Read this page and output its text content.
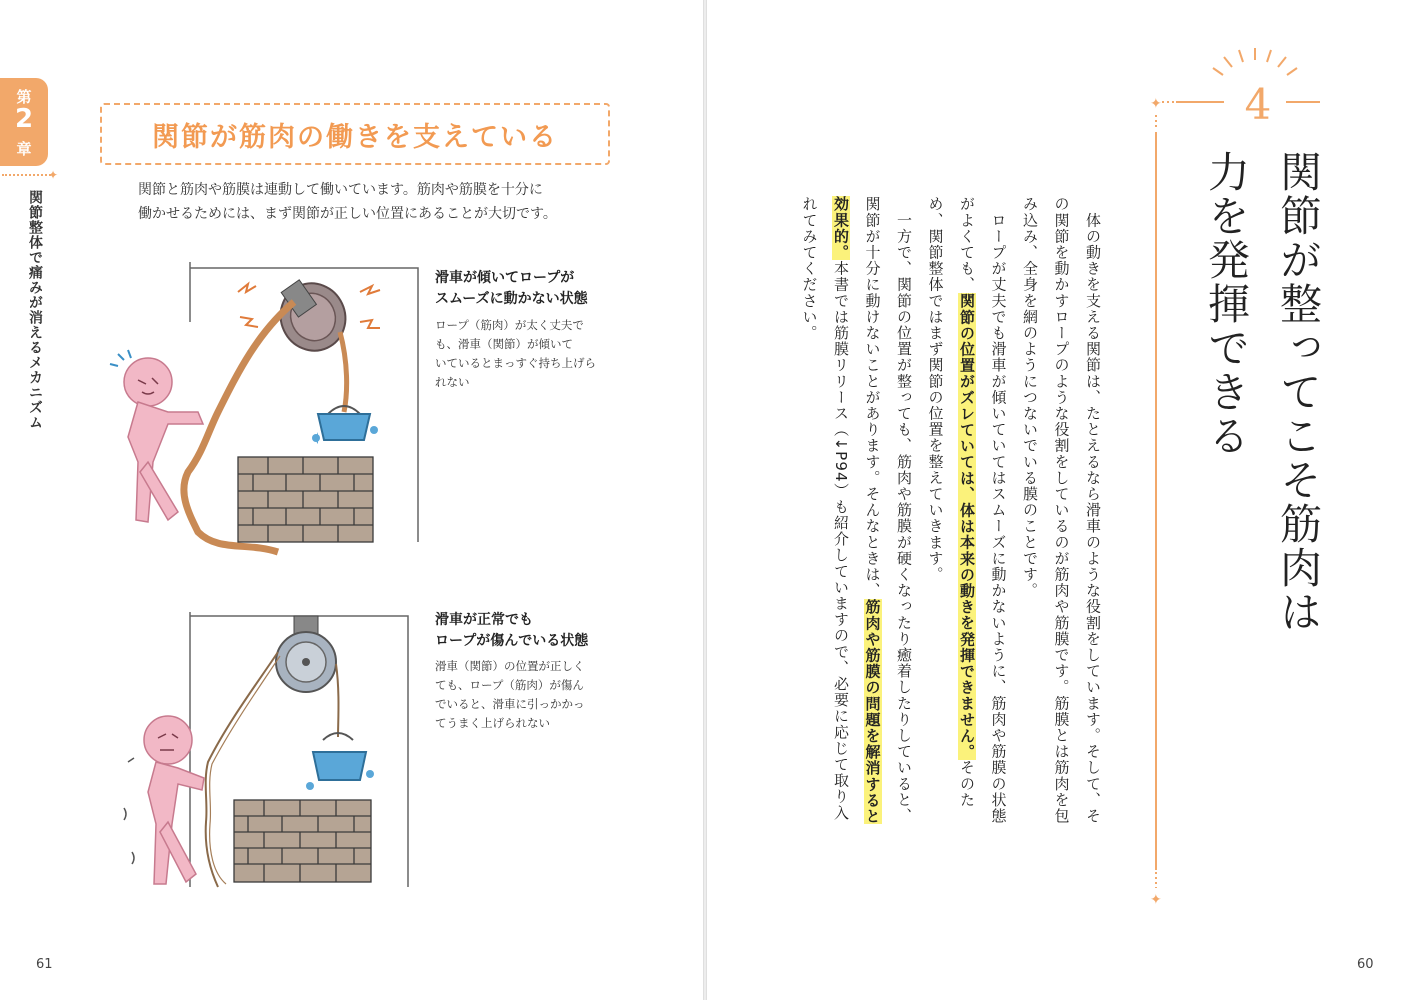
第
2
章
✦
関節整体で痛みが消えるメカニズム
関節が筋肉の働きを支えている
関節と筋肉や筋膜は連動して働いています。筋肉や筋膜を十分に
働かせるためには、まず関節が正しい位置にあることが大切です。
滑車が傾いてロープが
スムーズに動かない状態
ロープ（筋肉）が太く丈夫で
も、滑車（関節）が傾いて
いているとまっすぐ持ち上げら
れない
滑車が正常でも
ロープが傷んでいる状態
滑車（関節）の位置が正しく
ても、ロープ（筋肉）が傷ん
でいると、滑車に引っかかっ
てうまく上げられない
61
✦
✦
4
関節が整ってこそ筋肉は力を発揮できる
　体の動きを支える関節は、たとえるなら滑車のような役割をしています。そして、その関節を動かすロープのような役割をしているのが筋肉や筋膜です。筋膜とは筋肉を包み込み、全身を網のようにつないでいる膜のことです。
　ロープが丈夫でも滑車が傾いていてはスムーズに動かないように、筋肉や筋膜の状態がよくても、関節の位置がズレていては、体は本来の動きを発揮できません。そのため、関節整体ではまず関節の位置を整えていきます。
　一方で、関節の位置が整っても、筋肉や筋膜が硬くなったり癒着したりしていると、関節が十分に動けないことがあります。そんなときは、筋肉や筋膜の問題を解消すると効果的。本書では筋膜リリース（↓P94）も紹介していますので、必要に応じて取り入れてみてください。
60
